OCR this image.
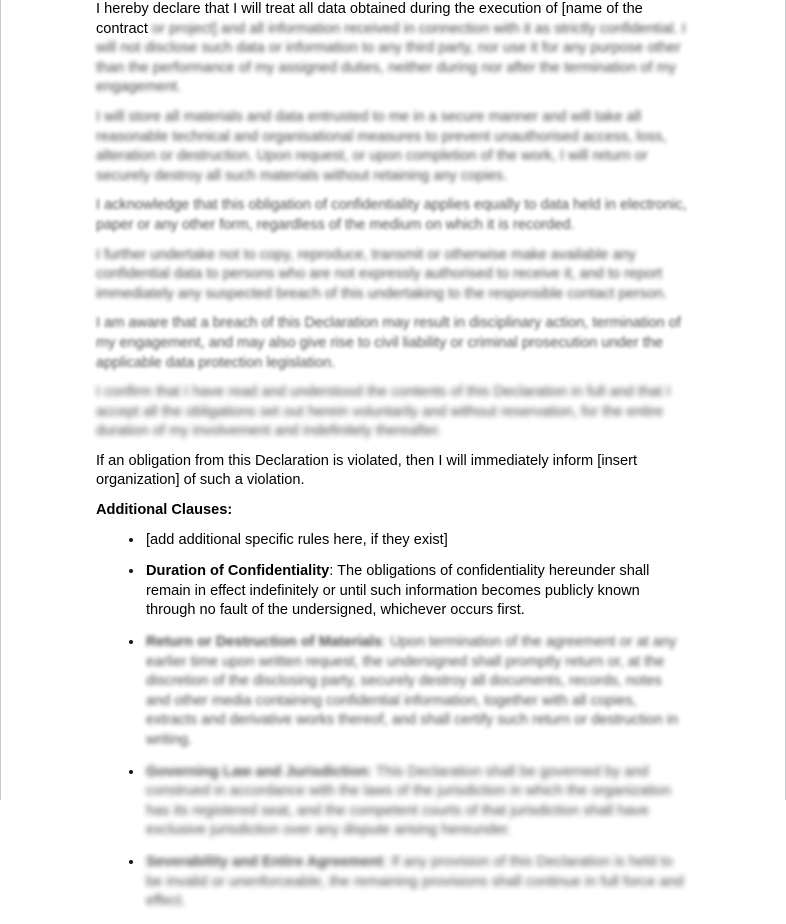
I hereby declare that I will treat all data obtained during the execution of [name of the contract or project] and all information received in connection with it as strictly confidential. I will not disclose such data or information to any third party, nor use it for any purpose other than the performance of my assigned duties, neither during nor after the termination of my engagement.

I will store all materials and data entrusted to me in a secure manner and will take all reasonable technical and organisational measures to prevent unauthorised access, loss, alteration or destruction. Upon request, or upon completion of the work, I will return or securely destroy all such materials without retaining any copies.

I acknowledge that this obligation of confidentiality applies equally to data held in electronic, paper or any other form, regardless of the medium on which it is recorded.

I further undertake not to copy, reproduce, transmit or otherwise make available any confidential data to persons who are not expressly authorised to receive it, and to report immediately any suspected breach of this undertaking to the responsible contact person.

I am aware that a breach of this Declaration may result in disciplinary action, termination of my engagement, and may also give rise to civil liability or criminal prosecution under the applicable data protection legislation.

I confirm that I have read and understood the contents of this Declaration in full and that I accept all the obligations set out herein voluntarily and without reservation, for the entire duration of my involvement and indefinitely thereafter.

If an obligation from this Declaration is violated, then I will immediately inform [insert organization] of such a violation.

Additional Clauses:
[add additional specific rules here, if they exist]
Duration of Confidentiality: The obligations of confidentiality hereunder shall remain in effect indefinitely or until such information becomes publicly known through no fault of the undersigned, whichever occurs first.
Return or Destruction of Materials: Upon termination of the agreement or at any earlier time upon written request, the undersigned shall promptly return or, at the discretion of the disclosing party, securely destroy all documents, records, notes and other media containing confidential information, together with all copies, extracts and derivative works thereof, and shall certify such return or destruction in writing.
Governing Law and Jurisdiction: This Declaration shall be governed by and construed in accordance with the laws of the jurisdiction in which the organization has its registered seat, and the competent courts of that jurisdiction shall have exclusive jurisdiction over any dispute arising hereunder.
Severability and Entire Agreement: If any provision of this Declaration is held to be invalid or unenforceable, the remaining provisions shall continue in full force and effect.
